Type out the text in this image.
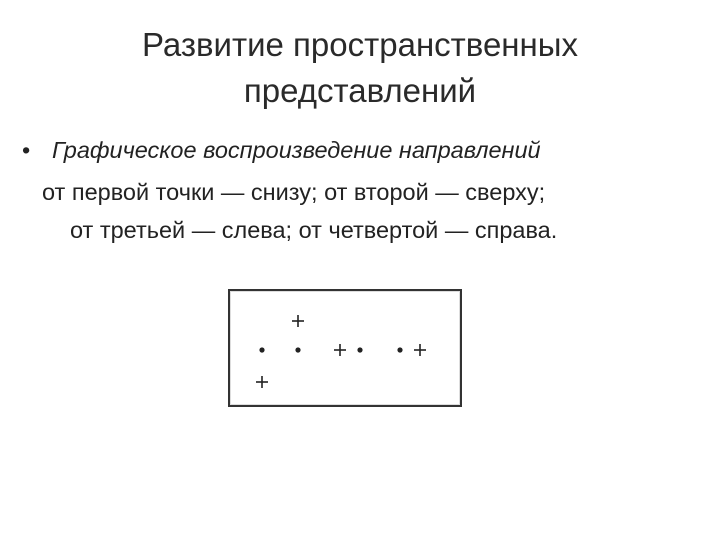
Развитие пространственных
представлений
• Графическое воспроизведение направлений
от первой точки — снизу; от второй — сверху;
от третьей — слева; от четвертой — справа.
